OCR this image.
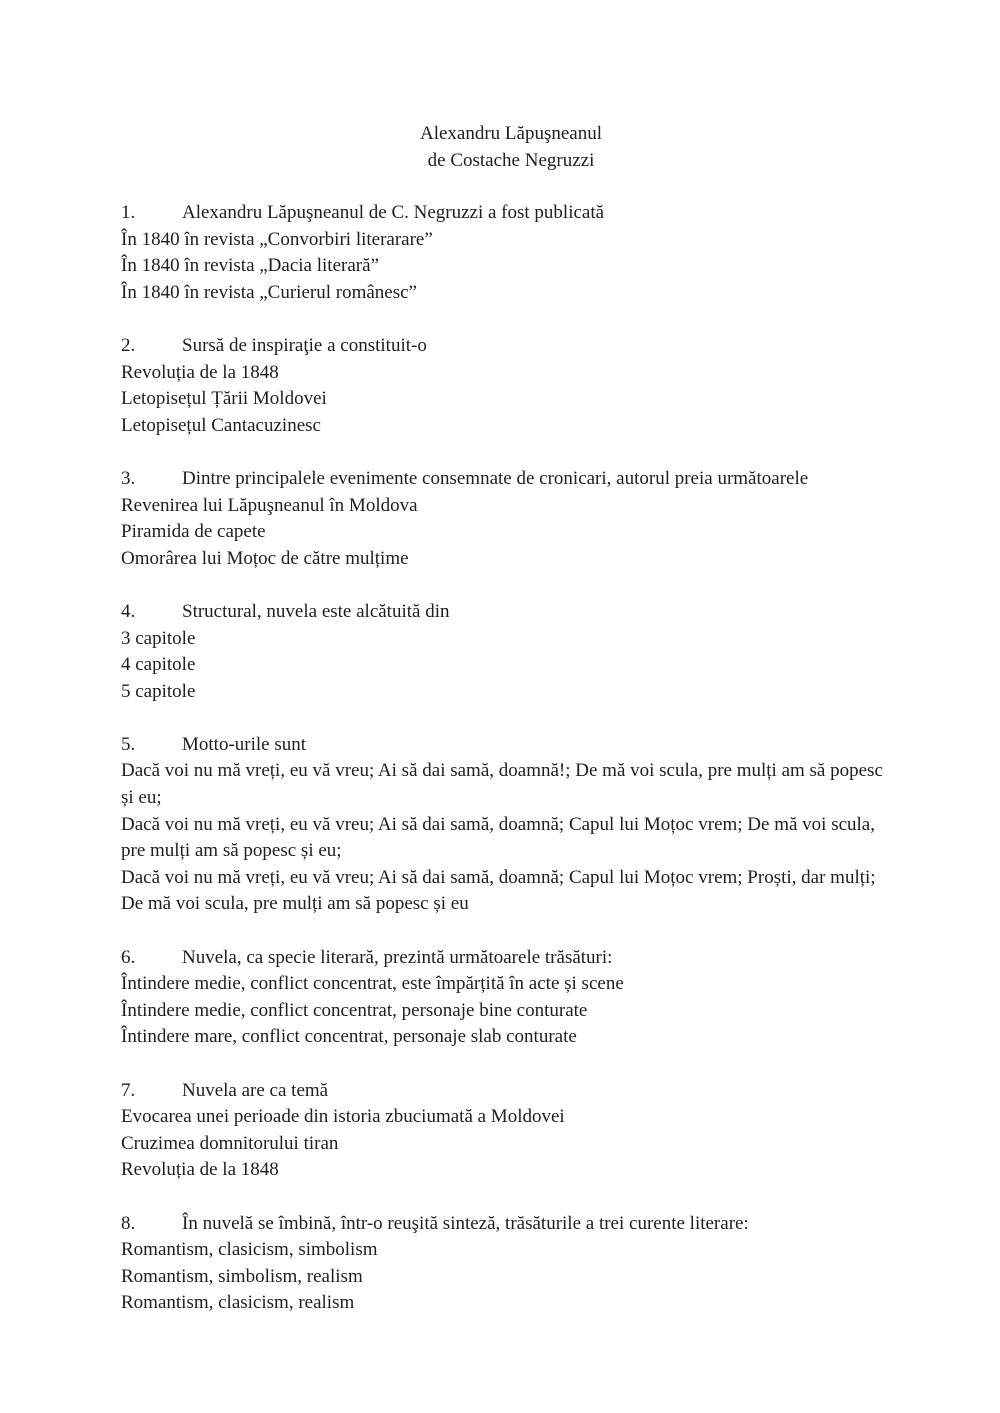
Alexandru Lăpuşneanul
de Costache Negruzzi
1.	Alexandru Lăpuşneanul de C. Negruzzi a fost publicată
În 1840 în revista „Convorbiri literarare”
În 1840 în revista „Dacia literară”
În 1840 în revista „Curierul românesc”
2.	Sursă de inspiraţie a constituit-o
Revoluția de la 1848
Letopisețul Țării Moldovei
Letopisețul Cantacuzinesc
3.	Dintre principalele evenimente consemnate de cronicari, autorul preia următoarele
Revenirea lui Lăpuşneanul în Moldova
Piramida de capete
Omorârea lui Moțoc de către mulțime
4.	Structural, nuvela este alcătuită din
3 capitole
4 capitole
5 capitole
5.	Motto-urile sunt
Dacă voi nu mă vreți, eu vă vreu; Ai să dai samă, doamnă!; De mă voi scula, pre mulți am să popesc și eu;
Dacă voi nu mă vreți, eu vă vreu; Ai să dai samă, doamnă; Capul lui Moțoc vrem; De mă voi scula, pre mulți am să popesc și eu;
Dacă voi nu mă vreți, eu vă vreu; Ai să dai samă, doamnă; Capul lui Moțoc vrem; Proști, dar mulți; De mă voi scula, pre mulți am să popesc și eu
6.	Nuvela, ca specie literară, prezintă următoarele trăsături:
Întindere medie, conflict concentrat, este împărțită în acte și scene
Întindere medie, conflict concentrat, personaje bine conturate
Întindere mare, conflict concentrat, personaje slab conturate
7.	Nuvela are ca temă
Evocarea unei perioade din istoria zbuciumată a Moldovei
Cruzimea domnitorului tiran
Revoluția de la 1848
8.	În nuvelă se îmbină, într-o reuşită sinteză, trăsăturile a trei curente literare:
Romantism, clasicism, simbolism
Romantism, simbolism, realism
Romantism, clasicism, realism
